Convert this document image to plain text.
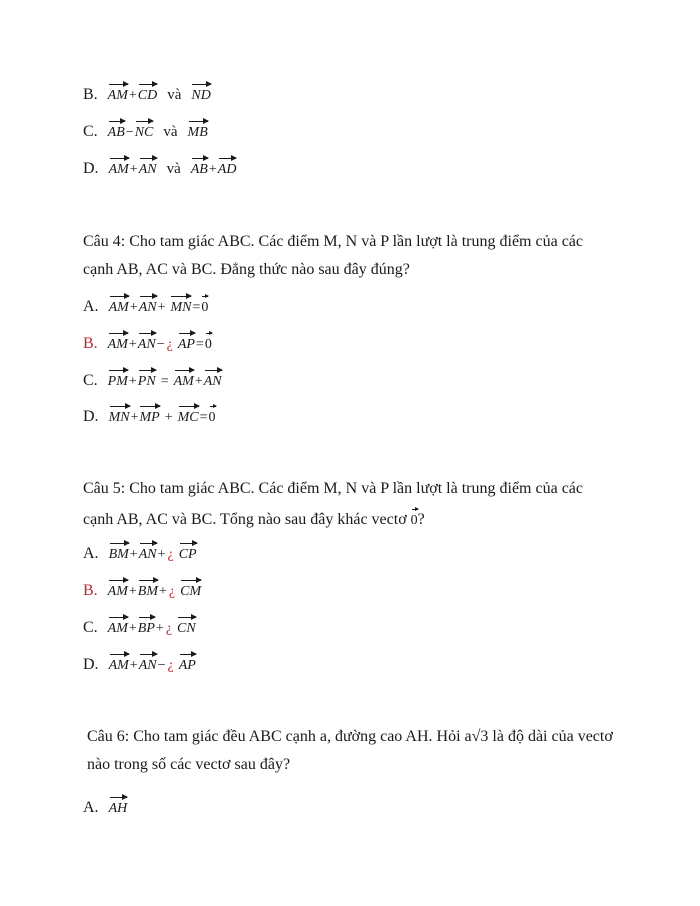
B. AM+
CD và ND
C. AB−
NC và MB
D. AM+
AN và AB+
AD
Câu 4: Cho tam giác ABC. Các điểm M, N và P lần lượt là trung điểm của các
cạnh AB, AC và BC. Đẳng thức nào sau đây đúng?
A. AM+
AN+ MN=
0
B. AM+
AN− ¿ AP=
0
C. PM+
PN = AM+
AN
D. MN+
MP + MC=
0
Câu 5: Cho tam giác ABC. Các điểm M, N và P lần lượt là trung điểm của các
cạnh AB, AC và BC. Tổng nào sau đây khác vectơ 0?
A. BM+
AN+ ¿ CP
B. AM+
BM+ ¿ CM
C. AM+
BP+ ¿ CN
D. AM+
AN− ¿ AP
Câu 6: Cho tam giác đều ABC cạnh a, đường cao AH. Hỏi a√3 là độ dài của vectơ
nào trong số các vectơ sau đây?
A. AH
